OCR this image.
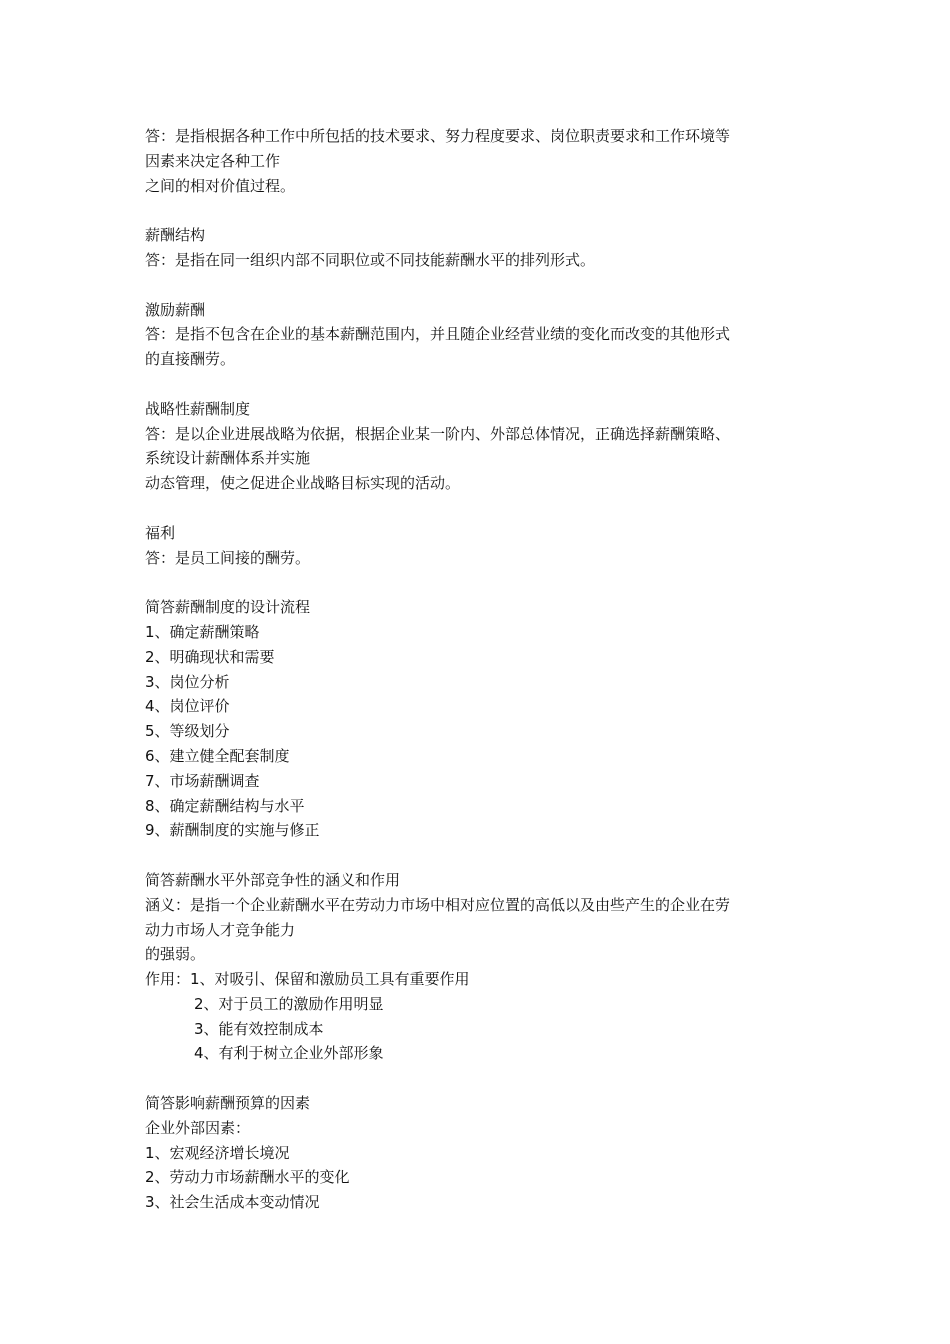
答：是指根据各种工作中所包括的技术要求、努力程度要求、岗位职责要求和工作环境等
因素来决定各种工作
之间的相对价值过程。
薪酬结构
答：是指在同一组织内部不同职位或不同技能薪酬水平的排列形式。
激励薪酬
答：是指不包含在企业的基本薪酬范围内，并且随企业经营业绩的变化而改变的其他形式
的直接酬劳。
战略性薪酬制度
答：是以企业进展战略为依据，根据企业某一阶内、外部总体情况，正确选择薪酬策略、
系统设计薪酬体系并实施
动态管理，使之促进企业战略目标实现的活动。
福利
答：是员工间接的酬劳。
简答薪酬制度的设计流程
1、确定薪酬策略
2、明确现状和需要
3、岗位分析
4、岗位评价
5、等级划分
6、建立健全配套制度
7、市场薪酬调查
8、确定薪酬结构与水平
9、薪酬制度的实施与修正
简答薪酬水平外部竞争性的涵义和作用
涵义：是指一个企业薪酬水平在劳动力市场中相对应位置的高低以及由些产生的企业在劳
动力市场人才竞争能力
的强弱。
作用：1、对吸引、保留和激励员工具有重要作用
2、对于员工的激励作用明显
3、能有效控制成本
4、有利于树立企业外部形象
简答影响薪酬预算的因素
企业外部因素：
1、宏观经济增长境况
2、劳动力市场薪酬水平的变化
3、社会生活成本变动情况
